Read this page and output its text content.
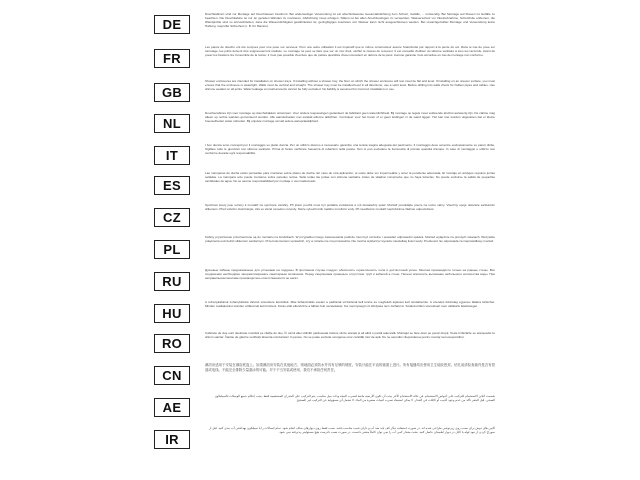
DE
Duschkabinen sind zur Montage auf Duschtassen bestimmt. Bei anderweitiger Verwendung ist ein abschnittsweise Gesamtabdichtung zum Schutz, Gefälle, ... notwendig. Bei Montage auf Fliesen ist Gefälle zu beachten. Die Duschkabine ist nur an geraden Wänden zu montieren, Abdichtung muss erfolgen, Silikon ist bei allen Anschlussfugen zu verwenden. Wasserschutz vor Inbetriebnahme, Schutzfolie entfernen, die Wandprofile sind so anzuschließen, dass die Wasserdichtigkeit gewährleistet ist; geringfügiges Austreten von Wasser kann nicht ausgeschlossen werden. Bei unsachgemäßer Montage und Verwendung keine Haftung. Geprüfte Sicherheit (z. B. für Mantos).
FR
Les parois de douche ont été conçues pour une pose sur receveur. Pour une autre utilisation il est impératif que le même constructeur assure l'étanchéité par rapport à la pente du sol. Dans le cas de pose sur carrelage, les joints doivent être soigneusement réalisés. Le montage ne peut se faire que sur un mur droit, vérifier le niveau du receveur. Il est conseillé d'utiliser du silicone sanitaire à tous les raccords. Avant de poser les fixations lire l'ensemble de la notice; il n'est pas possible d'exclure que de petites quantités d'eau s'écoulent en dehors de la paroi. Aucune garantie n'est accordée en cas de montage non conforme.
GB
Shower enclosures are intended for installation on shower trays. If installing without a shower tray, the floor on which the shower enclosure will rest must be flat and level. If installing on an uneven surface, you must ensure that the enclosure is watertight. Walls must be vertical and straight. The shower tray must be installed level in all directions; use a spirit level. Before drilling into walls check for hidden pipes and cables. Use silicone sealant on all joints. Water leakage at small amounts cannot be fully excluded. No liability is assumed for incorrect installation or use.
NL
Douchecabines zijn voor montage op douchebakken ontworpen. Voor andere toepassingen garandeert de fabrikant geen waterdichtheid. Bij montage op tegels moet voldoende afschot aanwezig zijn. De cabine mag alleen op rechte wanden gemonteerd worden. Alle aansluitnaden met sanitair-silicone afdichten. Controleer voor het boren of er geen leidingen in de wand liggen. Het kan niet worden uitgesloten dat er kleine hoeveelheden water uittreden. Bij onjuiste montage vervalt iedere aansprakelijkheid.
IT
I box doccia sono concepiti per il montaggio su piatto doccia. Per un utilizzo diverso è necessario garantire una tenuta stagna adeguata del pavimento. Il montaggio deve avvenire esclusivamente su pareti diritte. Sigillare tutte le giunzioni con silicone sanitario. Prima di forare verificare l'assenza di tubazioni nella parete. Non si può escludere la fuoriuscita di piccole quantità d'acqua. In caso di montaggio o utilizzo non conforme decade ogni responsabilità.
ES
Las mamparas de ducha están pensadas para montarse sobre platos de ducha. En caso de otra aplicación, el suelo debe ser impermeable y tener la pendiente adecuada. El montaje en azulejos requiere juntas selladas. La mampara solo puede montarse sobre paredes rectas. Selle todas las juntas con silicona sanitaria. Antes de taladrar compruebe que no haya tuberías. No puede excluirse la salida de pequeñas cantidades de agua. No se asume responsabilidad por montaje o uso inadecuado.
CZ
Sprchové kouty jsou určeny k montáži na sprchové vaničky. Při jiném použití musí být podlaha vodotěsná a mít dostatečný spád. Montáž provádějte pouze na rovné stěny. Všechny spoje utěsněte sanitárním silikonem. Před vrtáním zkontrolujte, zda ve stěně nevedou rozvody. Nelze vyloučit únik malého množství vody. Při neodborné montáži nepřebíráme žádnou odpovědnost.
PL
Kabiny prysznicowe przeznaczone są do montażu na brodzikach. W przypadku innego zastosowania podłoże musi być szczelne i posiadać odpowiedni spadek. Montaż wyłącznie na prostych ścianach. Wszystkie połączenia uszczelnić silikonem sanitarnym. Przed wierceniem sprawdzić, czy w ścianie nie ma przewodów. Nie można wykluczyć wycieku niewielkiej ilości wody. Producent nie odpowiada za nieprawidłowy montaż.
RU
Душевые кабины предназначены для установки на поддоны. В противном случае следует обеспечить герметичность пола и достаточный уклон. Монтаж производится только на ровные стены. Все соединения необходимо загерметизировать санитарным силиконом. Перед сверлением проверьте отсутствие труб и кабелей в стене. Нельзя исключить вытекание небольшого количества воды. При неправильном монтаже производитель ответственности не несёт.
HU
A zuhanykabinok zuhanytálcára történő szerelésre készültek. Más felhasználás esetén a padlónak vízzárónak kell lennie és megfelelő lejtéssel kell rendelkeznie. A szerelés kizárólag egyenes falakra történhet. Minden csatlakozást szaniter szilikonnal kell tömíteni. Fúrás előtt ellenőrizze a falban futó vezetékeket. Kis mennyiségű víz kifolyása nem zárható ki. Szakszerűtlen szerelésért nem vállalunk felelősséget.
RO
Cabinele de duș sunt destinate montării pe cădițe de duș. În cazul altei utilizări pardoseala trebuie să fie etanșă și să aibă o pantă adecvată. Montajul se face doar pe pereți drepți. Toate îmbinările se etanșează cu silicon sanitar. Înainte de găurire verificați absența conductelor în perete. Nu se poate exclude scurgerea unor cantități mici de apă. Nu ne asumăm răspunderea pentru montaj necorespunzător.
CN
淋浴房适用于安装在淋浴底盘上。如果淋浴房安装在其他地方，则地面必须防水并具有足够的坡度。安装只能在平直的墙面上进行。所有接缝均应使用卫生硅胶密封。钻孔前请检查墙内是否有管道或电线。不能完全排除少量漏水的可能。对于不当安装或使用，我们不承担任何责任。
AE
صُممت كبائن الاستحمام للتركيب على أحواض الاستحمام. في حالة الاستخدام الآخر يجب أن تكون الأرضية مانعة لتسرب المياه وذات ميل مناسب. يتم التركيب على الجدران المستقيمة فقط. يجب إحكام جميع الوصلات بالسيليكون الصحي. قبل الحفر تأكد من عدم وجود أنابيب أو كابلات في الجدار. لا يمكن استبعاد تسرب كميات صغيرة من الماء. لا نتحمل أي مسؤولية عن التركيب غير الصحيح.
IR
کابین های دوش برای نصب روی زیردوشی طراحی شده اند. در صورت استفاده دیگر کف باید ضد آب و دارای شیب مناسب باشد. نصب فقط روی دیوارهای صاف انجام شود. تمام اتصالات را با سیلیکون بهداشتی آب بندی کنید. قبل از سوراخ کردن از نبود لوله یا کابل در دیوار اطمینان حاصل کنید. نشت مقدار کمی آب را نمی توان کاملاً منتفی دانست. در صورت نصب نادرست هیچ مسئولیتی پذیرفته نمی شود.
